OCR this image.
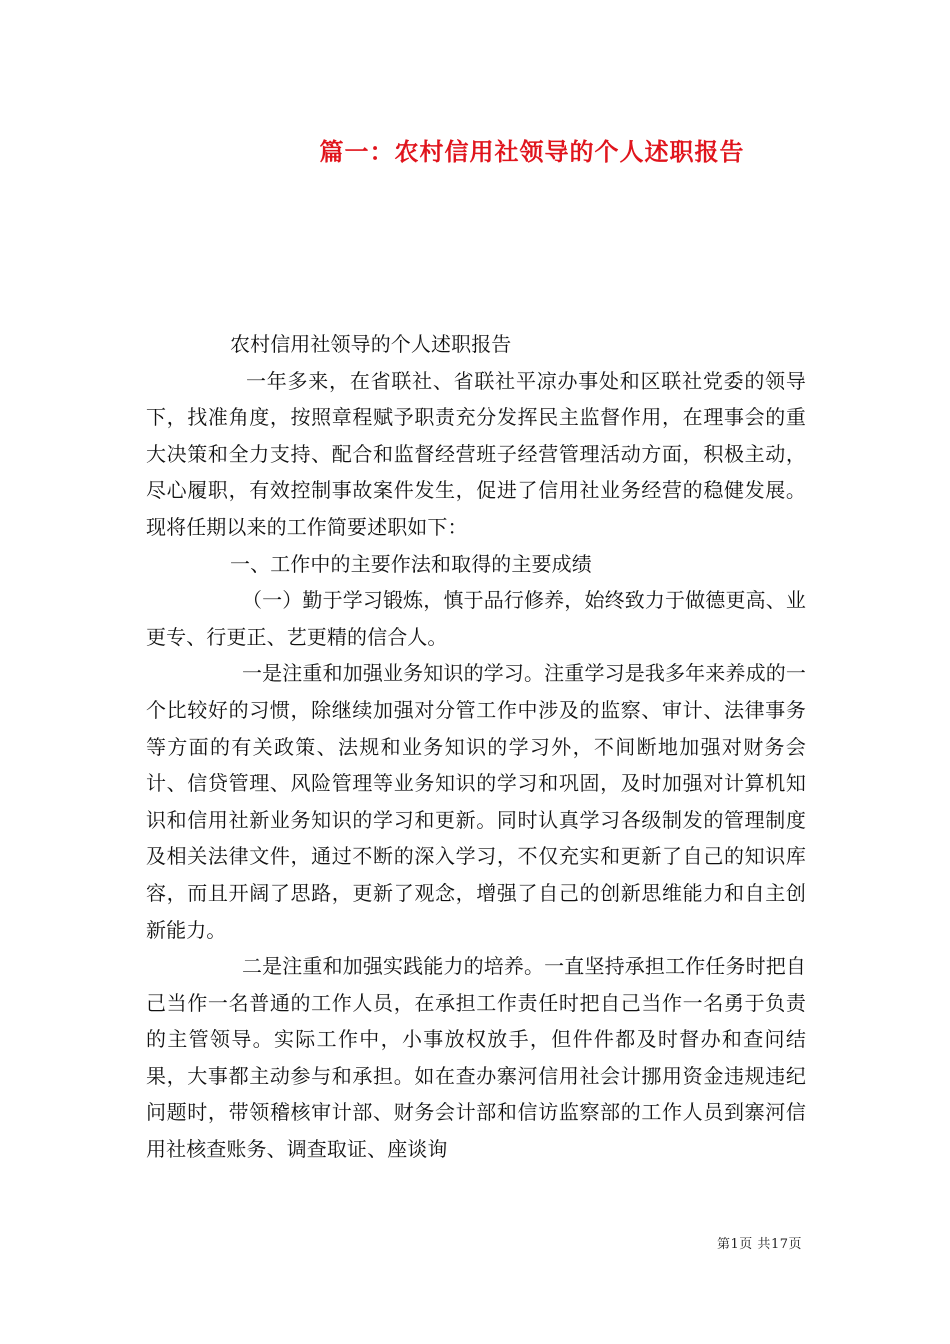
篇一：农村信用社领导的个人述职报告

农村信用社领导的个人述职报告

一年多来，在省联社、省联社平凉办事处和区联社党委的领导下，找准角度，按照章程赋予职责充分发挥民主监督作用，在理事会的重大决策和全力支持、配合和监督经营班子经营管理活动方面，积极主动，尽心履职，有效控制事故案件发生，促进了信用社业务经营的稳健发展。现将任期以来的工作简要述职如下：

一、工作中的主要作法和取得的主要成绩

（一）勤于学习锻炼，慎于品行修养，始终致力于做德更高、业更专、行更正、艺更精的信合人。

一是注重和加强业务知识的学习。注重学习是我多年来养成的一个比较好的习惯，除继续加强对分管工作中涉及的监察、审计、法律事务等方面的有关政策、法规和业务知识的学习外，不间断地加强对财务会计、信贷管理、风险管理等业务知识的学习和巩固，及时加强对计算机知识和信用社新业务知识的学习和更新。同时认真学习各级制发的管理制度及相关法律文件，通过不断的深入学习，不仅充实和更新了自己的知识库容，而且开阔了思路，更新了观念，增强了自己的创新思维能力和自主创新能力。

二是注重和加强实践能力的培养。一直坚持承担工作任务时把自己当作一名普通的工作人员，在承担工作责任时把自己当作一名勇于负责的主管领导。实际工作中，小事放权放手，但件件都及时督办和查问结果，大事都主动参与和承担。如在查办寨河信用社会计挪用资金违规违纪问题时，带领稽核审计部、财务会计部和信访监察部的工作人员到寨河信用社核查账务、调查取证、座谈询

第1页 共17页
